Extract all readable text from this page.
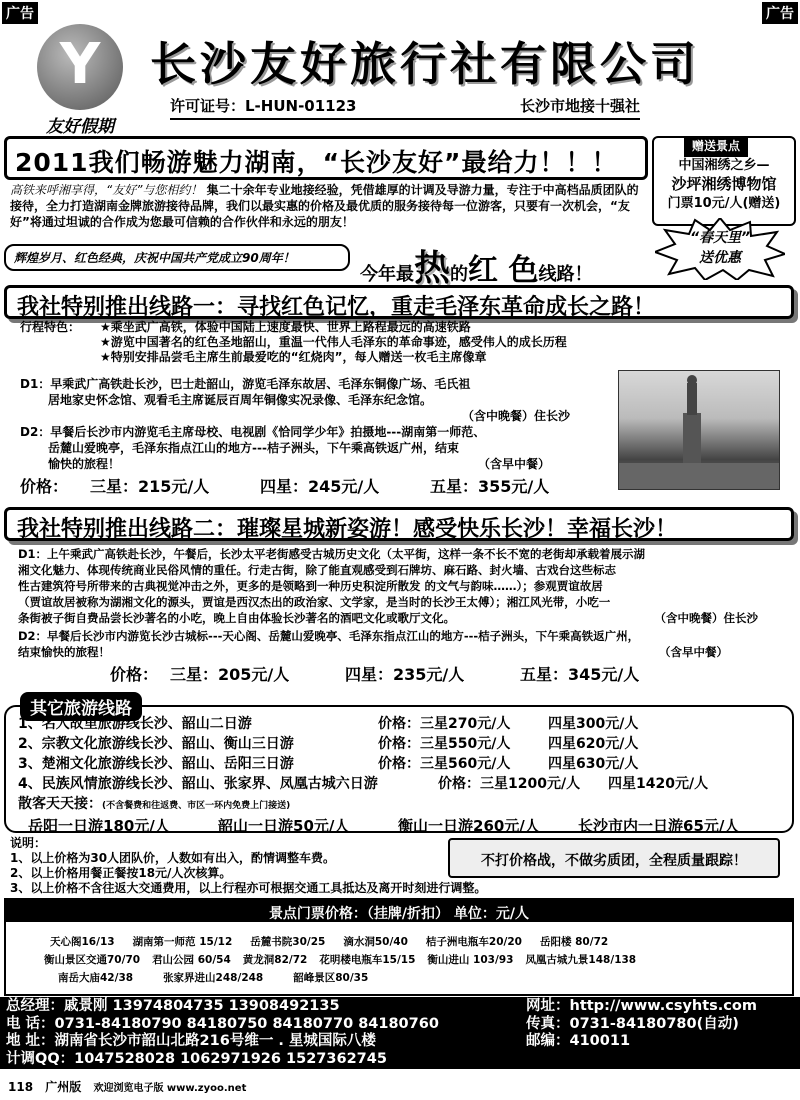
广告	广告
Y
友好假期
长沙友好旅行社有限公司
许可证号：L-HUN-01123	长沙市地接十强社
2011我们畅游魅力湖南，“长沙友好”最给力！！！
赠送景点
中国湘绣之乡—
沙坪湘绣博物馆
门票10元/人(赠送)
高铁来呼湘享得，“友好”与您相约！ 集二十余年专业地接经验，凭借雄厚的计调及导游力量，专注于中高档品质团队的接待，全力打造湖南金牌旅游接待品牌，我们以最实惠的价格及最优质的服务接待每一位游客，只要有一次机会，“友好”将通过坦诚的合作成为您最可信赖的合作伙伴和永远的朋友！
辉煌岁月、红色经典，庆祝中国共产党成立90周年！
今年最热的红 色线路！
“春天里”
送优惠
我社特别推出线路一：寻找红色记忆，重走毛泽东革命成长之路！
行程特色： ★乘坐武广高铁，体验中国陆上速度最快、世界上路程最远的高速铁路
★游览中国著名的红色圣地韶山，重温一代伟人毛泽东的革命事迹，感受伟人的成长历程
★特别安排品尝毛主席生前最爱吃的“红烧肉”，每人赠送一枚毛主席像章
D1：早乘武广高铁赴长沙，巴士赴韶山，游览毛泽东故居、毛泽东铜像广场、毛氏祖
居地家史怀念馆、观看毛主席诞辰百周年铜像实况录像、毛泽东纪念馆。
（含中晚餐）住长沙
D2：早餐后长沙市内游览毛主席母校、电视剧《恰同学少年》拍摄地---湖南第一师范、
岳麓山爱晚亭，毛泽东指点江山的地方---桔子洲头，下午乘高铁返广州，结束
愉快的旅程！	（含早中餐）
价格：	三星：215元/人	四星：245元/人	五星：355元/人
我社特别推出线路二：璀璨星城新姿游！感受快乐长沙！幸福长沙！
D1：上午乘武广高铁赴长沙，午餐后，长沙太平老街感受古城历史文化（太平街，这样一条不长不宽的老街却承载着展示湖
湘文化魅力、体现传统商业民俗风情的重任。行走古街，除了能直观感受到石牌坊、麻石路、封火墙、古戏台这些标志
性古建筑符号所带来的古典视觉冲击之外，更多的是领略到一种历史积淀所散发 的文气与韵味……）；参观贾谊故居
（贾谊故居被称为湖湘文化的源头，贾谊是西汉杰出的政治家、文学家，是当时的长沙王太傅）；湘江风光带，小吃一
条街被子街自费品尝长沙著名的小吃，晚上自由体验长沙著名的酒吧文化或歌厅文化。	（含中晚餐）住长沙
D2：早餐后长沙市内游览长沙古城标---天心阁、岳麓山爱晚亭、毛泽东指点江山的地方---桔子洲头，下午乘高铁返广州，
结束愉快的旅程！	（含早中餐）
价格： 三星：205元/人	四星：235元/人	五星：345元/人
其它旅游线路
1、名人故里旅游线长沙、韶山二日游	价格：三星270元/人	四星300元/人
2、宗教文化旅游线长沙、韶山、衡山三日游	价格：三星550元/人	四星620元/人
3、楚湘文化旅游线长沙、韶山、岳阳三日游	价格：三星560元/人	四星630元/人
4、民族风情旅游线长沙、韶山、张家界、凤凰古城六日游	价格：三星1200元/人	四星1420元/人
散客天天接：(不含餐费和往返费、市区一环内免费上门接送)
岳阳一日游180元/人	韶山一日游50元/人	衡山一日游260元/人	长沙市内一日游65元/人
说明：
1、以上价格为30人团队价，人数如有出入，酌情调整车费。
2、以上价格用餐正餐按18元/人次核算。
3、以上价格不含往返大交通费用，以上行程亦可根据交通工具抵达及离开时刻进行调整。
不打价格战，不做劣质团，全程质量跟踪！
景点门票价格：（挂牌/折扣） 单位：元/人
天心阁16/13 湖南第一师范 15/12 岳麓书院30/25 滴水洞50/40 桔子洲电瓶车20/20 岳阳楼 80/72
衡山景区交通70/70 君山公园 60/54 黄龙洞82/72 花明楼电瓶车15/15 衡山进山 103/93 凤凰古城九景148/138
南岳大庙42/38	张家界进山248/248	韶峰景区80/35
总经理：戚景刚 13974804735 13908492135	网址：http://www.csyhts.com
电 话：0731-84180790 84180750 84180770 84180760	传真：0731-84180780(自动)
地 址：湖南省长沙市韶山北路216号维一 . 星城国际八楼	邮编：410011
计调QQ：1047528028 1062971926 1527362745
118 广州版 欢迎浏览电子版 www.zyoo.net
